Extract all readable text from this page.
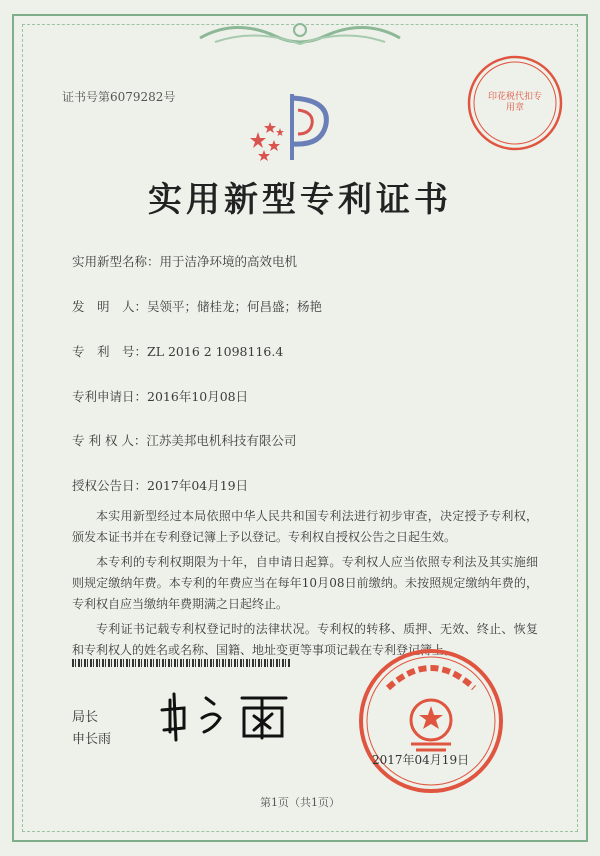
证书号第6079282号	印花税代扣专用章
实用新型专利证书
实用新型名称：用于洁净环境的高效电机
发　明　人：吴领平；储桂龙；何昌盛；杨艳
专　利　号：ZL 2016 2 1098116.4
专利申请日：2016年10月08日
专 利 权 人：江苏美邦电机科技有限公司
授权公告日：2017年04月19日

本实用新型经过本局依照中华人民共和国专利法进行初步审查，决定授予专利权，颁发本证书并在专利登记簿上予以登记。专利权自授权公告之日起生效。

本专利的专利权期限为十年，自申请日起算。专利权人应当依照专利法及其实施细则规定缴纳年费。本专利的年费应当在每年10月08日前缴纳。未按照规定缴纳年费的，专利权自应当缴纳年费期满之日起终止。

专利证书记载专利权登记时的法律状况。专利权的转移、质押、无效、终止、恢复和专利权人的姓名或名称、国籍、地址变更等事项记载在专利登记簿上。

局长
申长雨
2017年04月19日
第1页（共1页）
